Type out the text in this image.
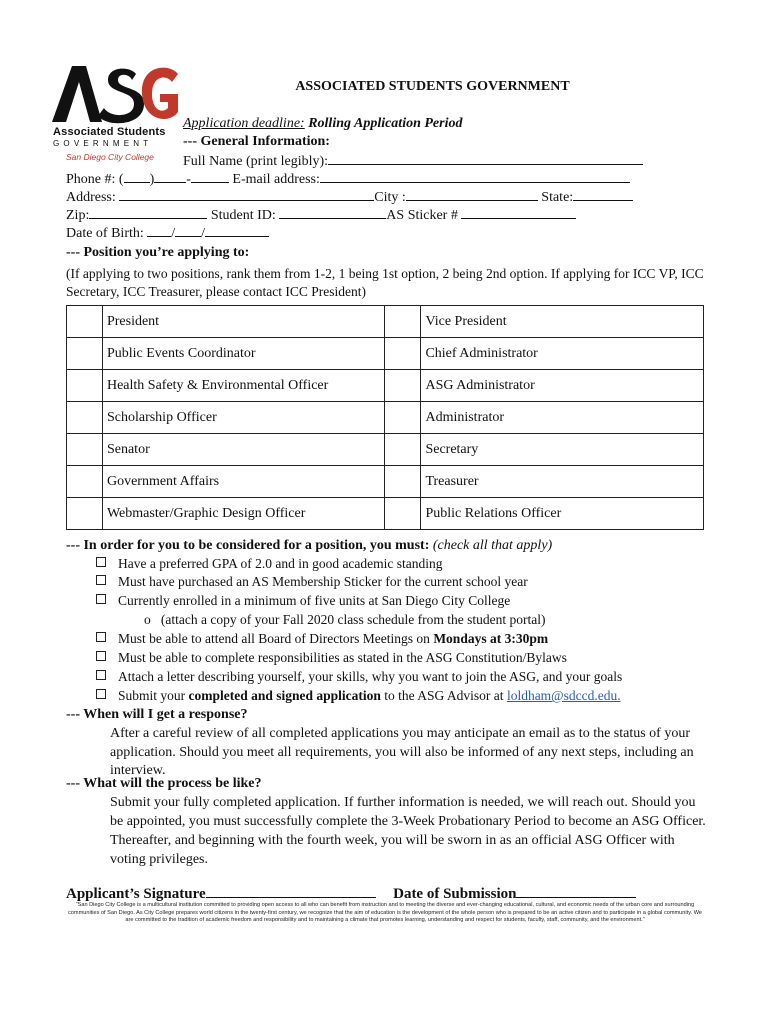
Associated Students
GOVERNMENT
San Diego City College
ASSOCIATED STUDENTS GOVERNMENT
Application deadline: Rolling Application Period
--- General Information:
Full Name (print legibly):
Phone #: ( ) -	E-mail address:
Address:	City :	State:
Zip:	Student ID:	AS Sticker #
Date of Birth: / /
--- Position you’re applying to:
(If applying to two positions, rank them from 1-2, 1 being 1st option, 2 being 2nd option. If applying for ICC VP, ICC Secretary, ICC Treasurer, please contact ICC President)
	President		Vice President
	Public Events Coordinator		Chief Administrator
	Health Safety & Environmental Officer		ASG Administrator
	Scholarship Officer		Administrator
	Senator		Secretary
	Government Affairs		Treasurer
	Webmaster/Graphic Design Officer		Public Relations Officer
--- In order for you to be considered for a position, you must: (check all that apply)
Have a preferred GPA of 2.0 and in good academic standing
Must have purchased an AS Membership Sticker for the current school year
Currently enrolled in a minimum of five units at San Diego City College
o (attach a copy of your Fall 2020 class schedule from the student portal)
Must be able to attend all Board of Directors Meetings on Mondays at 3:30pm
Must be able to complete responsibilities as stated in the ASG Constitution/Bylaws
Attach a letter describing yourself, your skills, why you want to join the ASG, and your goals
Submit your completed and signed application to the ASG Advisor at loldham@sdccd.edu.
--- When will I get a response?
After a careful review of all completed applications you may anticipate an email as to the status of your application. Should you meet all requirements, you will also be informed of any next steps, including an interview.
--- What will the process be like?
Submit your fully completed application. If further information is needed, we will reach out. Should you be appointed, you must successfully complete the 3-Week Probationary Period to become an ASG Officer. Thereafter, and beginning with the fourth week, you will be sworn in as an official ASG Officer with voting privileges.
Applicant’s Signature	Date of Submission
“San Diego City College is a multicultural institution committed to providing open access to all who can benefit from instruction and to meeting the diverse and ever-changing educational, cultural, and economic needs of the urban core and surrounding communities of San Diego. As City College prepares world citizens in the twenty-first century, we recognize that the aim of education is the development of the whole person who is prepared to be an active citizen and to participate in a global community. We are committed to the tradition of academic freedom and responsibility and to maintaining a climate that promotes learning, understanding and respect for students, faculty, staff, community, and the environment.”
